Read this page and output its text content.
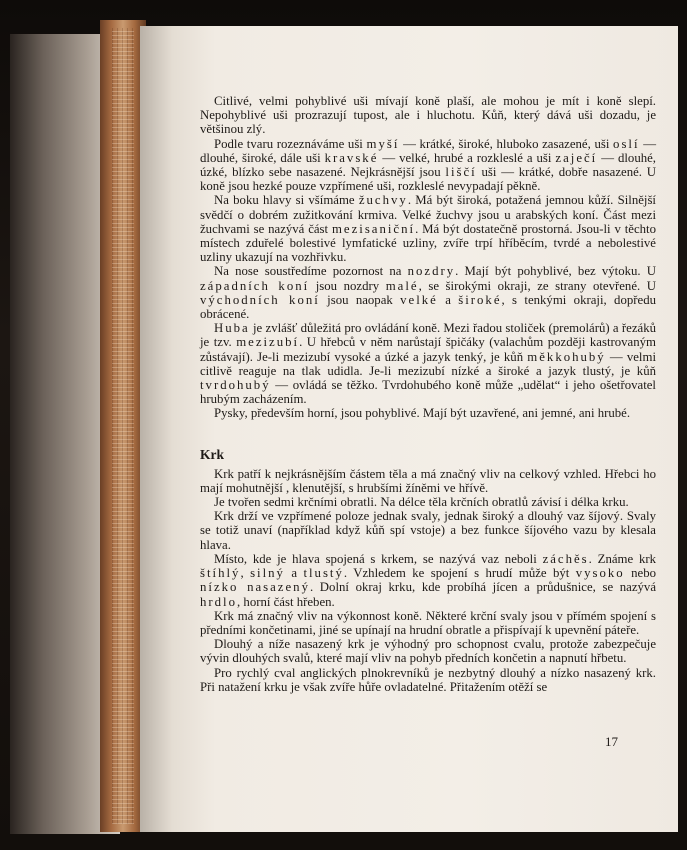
Citlivé, velmi pohyblivé uši mívají koně plaší, ale mohou je mít i koně slepí. Nepohyblivé uši prozrazují tupost, ale i hluchotu. Kůň, který dává uši dozadu, je většinou zlý.

Podle tvaru rozeznáváme uši myší — krátké, široké, hluboko zasazené, uši oslí — dlouhé, široké, dále uši kravské — velké, hrubé a rozkleslé a uši zaječí — dlouhé, úzké, blízko sebe nasazené. Nejkrásnější jsou liščí uši — krátké, dobře nasazené. U koně jsou hezké pouze vzpřímené uši, rozkleslé nevypadají pěkně.

Na boku hlavy si všímáme žuchvy. Má být široká, potažená jemnou kůží. Silnější svědčí o dobrém zužitkování krmiva. Velké žuchvy jsou u arabských koní. Část mezi žuchvami se nazývá část mezisaniční. Má být dostatečně prostorná. Jsou-li v těchto místech zduřelé bolestivé lymfatické uzliny, zvíře trpí hříběcím, tvrdé a nebolestivé uzliny ukazují na vozhřivku.

Na nose soustředíme pozornost na nozdry. Mají být pohyblivé, bez výtoku. U západních koní jsou nozdry malé, se širokými okraji, ze strany otevřené. U východních koní jsou naopak velké a široké, s tenkými okraji, dopředu obrácené.

Huba je zvlášť důležitá pro ovládání koně. Mezi řadou stoliček (premolárů) a řezáků je tzv. mezizubí. U hřebců v něm narůstají špičáky (valachům později kastrovaným zůstávají). Je-li mezizubí vysoké a úzké a jazyk tenký, je kůň měkkohubý — velmi citlivě reaguje na tlak udidla. Je-li mezizubí nízké a široké a jazyk tlustý, je kůň tvrdohubý — ovládá se těžko. Tvrdohubého koně může „udělat“ i jeho ošetřovatel hrubým zacházením.

Pysky, především horní, jsou pohyblivé. Mají být uzavřené, ani jemné, ani hrubé.

Krk

Krk patří k nejkrásnějším částem těla a má značný vliv na celkový vzhled. Hřebci ho mají mohutnější , klenutější, s hrubšími žíněmi ve hřívě.

Je tvořen sedmi krčními obratli. Na délce těla krčních obratlů závisí i délka krku.

Krk drží ve vzpřímené poloze jednak svaly, jednak široký a dlouhý vaz šíjový. Svaly se totiž unaví (například když kůň spí vstoje) a bez funkce šíjového vazu by klesala hlava.

Místo, kde je hlava spojená s krkem, se nazývá vaz neboli záchěs. Známe krk štíhlý, silný a tlustý. Vzhledem ke spojení s hrudí může být vysoko nebo nízko nasazený. Dolní okraj krku, kde probíhá jícen a průdušnice, se nazývá hrdlo, horní část hřeben.

Krk má značný vliv na výkonnost koně. Některé krční svaly jsou v přímém spojení s předními končetinami, jiné se upínají na hrudní obratle a přispívají k upevnění páteře.

Dlouhý a níže nasazený krk je výhodný pro schopnost cvalu, protože zabezpečuje vývin dlouhých svalů, které mají vliv na pohyb předních končetin a napnutí hřbetu.

Pro rychlý cval anglických plnokrevníků je nezbytný dlouhý a nízko nasazený krk. Při natažení krku je však zvíře hůře ovladatelné. Přitažením otěží se

17
